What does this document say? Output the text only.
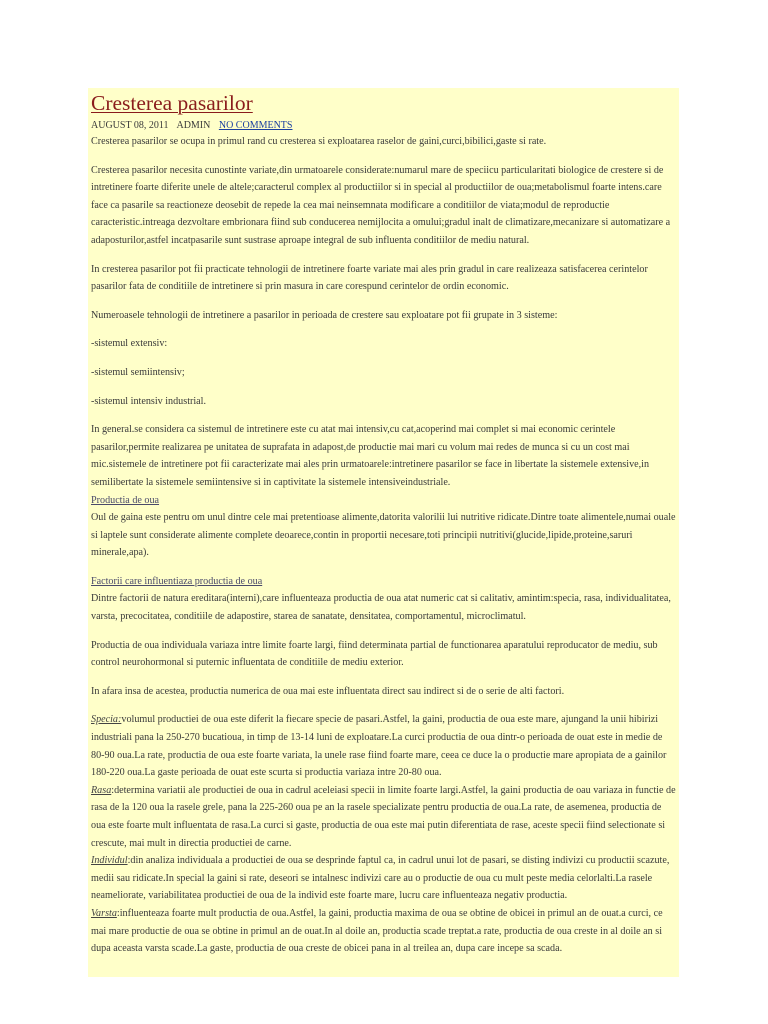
Cresterea pasarilor
AUGUST 08, 2011 ADMIN NO COMMENTS

Cresterea pasarilor se ocupa in primul rand cu cresterea si exploatarea raselor de gaini,curci,bibilici,gaste si rate.

Cresterea pasarilor necesita cunostinte variate,din urmatoarele considerate:numarul mare de speciicu particularitati biologice de crestere si de intretinere foarte diferite unele de altele;caracterul complex al productiilor si in special al productiilor de oua;metabolismul foarte intens.care face ca pasarile sa reactioneze deosebit de repede la cea mai neinsemnata modificare a conditiilor de viata;modul de reproductie caracteristic.intreaga dezvoltare embrionara fiind sub conducerea nemijlocita a omului;gradul inalt de climatizare,mecanizare si automatizare a adaposturilor,astfel incatpasarile sunt sustrase aproape integral de sub influenta conditiilor de mediu natural.

In cresterea pasarilor pot fii practicate tehnologii de intretinere foarte variate mai ales prin gradul in care realizeaza satisfacerea cerintelor pasarilor fata de conditiile de intretinere si prin masura in care corespund cerintelor de ordin economic.

Numeroasele tehnologii de intretinere a pasarilor in perioada de crestere sau exploatare pot fii grupate in 3 sisteme:

-sistemul extensiv:

-sistemul semiintensiv;

-sistemul intensiv industrial.

In general.se considera ca sistemul de intretinere este cu atat mai intensiv,cu cat,acoperind mai complet si mai economic cerintele pasarilor,permite realizarea pe unitatea de suprafata in adapost,de productie mai mari cu volum mai redes de munca si cu un cost mai mic.sistemele de intretinere pot fii caracterizate mai ales prin urmatoarele:intretinere pasarilor se face in libertate la sistemele extensive,in semilibertate la sistemele semiintensive si in captivitate la sistemele intensiveindustriale.

Productia de oua

Oul de gaina este pentru om unul dintre cele mai pretentioase alimente,datorita valorilii lui nutritive ridicate.Dintre toate alimentele,numai ouale si laptele sunt considerate alimente complete deoarece,contin in proportii necesare,toti principii nutritivi(glucide,lipide,proteine,saruri minerale,apa).

Factorii care influentiaza productia de oua

Dintre factorii de natura ereditara(interni),care influenteaza productia de oua atat numeric cat si calitativ, amintim:specia, rasa, individualitatea, varsta, precocitatea, conditiile de adapostire, starea de sanatate, densitatea, comportamentul, microclimatul.

Productia de oua individuala variaza intre limite foarte largi, fiind determinata partial de functionarea aparatului reproducator de mediu, sub control neurohormonal si puternic influentata de conditiile de mediu exterior.

In afara insa de acestea, productia numerica de oua mai este influentata direct sau indirect si de o serie de alti factori.

Specia:volumul productiei de oua este diferit la fiecare specie de pasari.Astfel, la gaini, productia de oua este mare, ajungand la unii hibirizi industriali pana la 250-270 bucatioua, in timp de 13-14 luni de exploatare.La curci productia de oua dintr-o perioada de ouat este in medie de 80-90 oua.La rate, productia de oua este foarte variata, la unele rase fiind foarte mare, ceea ce duce la o productie mare apropiata de a gainilor 180-220 oua.La gaste perioada de ouat este scurta si productia variaza intre 20-80 oua.

Rasa:determina variatii ale productiei de oua in cadrul aceleiasi specii in limite foarte largi.Astfel, la gaini productia de oau variaza in functie de rasa de la 120 oua la rasele grele, pana la 225-260 oua pe an la rasele specializate pentru productia de oua.La rate, de asemenea, productia de oua este foarte mult influentata de rasa.La curci si gaste, productia de oua este mai putin diferentiata de rase, aceste specii fiind selectionate si crescute, mai mult in directia productiei de carne.

Individul:din analiza individuala a productiei de oua se desprinde faptul ca, in cadrul unui lot de pasari, se disting indivizi cu productii scazute, medii sau ridicate.In special la gaini si rate, deseori se intalnesc indivizi care au o productie de oua cu mult peste media celorlalti.La rasele neameliorate, variabilitatea productiei de oua de la individ este foarte mare, lucru care influenteaza negativ productia.

Varsta:influenteaza foarte mult productia de oua.Astfel, la gaini, productia maxima de oua se obtine de obicei in primul an de ouat.a curci, ce mai mare productie de oua se obtine in primul an de ouat.In al doile an, productia scade treptat.a rate, productia de oua creste in al doile an si dupa aceasta varsta scade.La gaste, productia de oua creste de obicei pana in al treilea an, dupa care incepe sa scada.
